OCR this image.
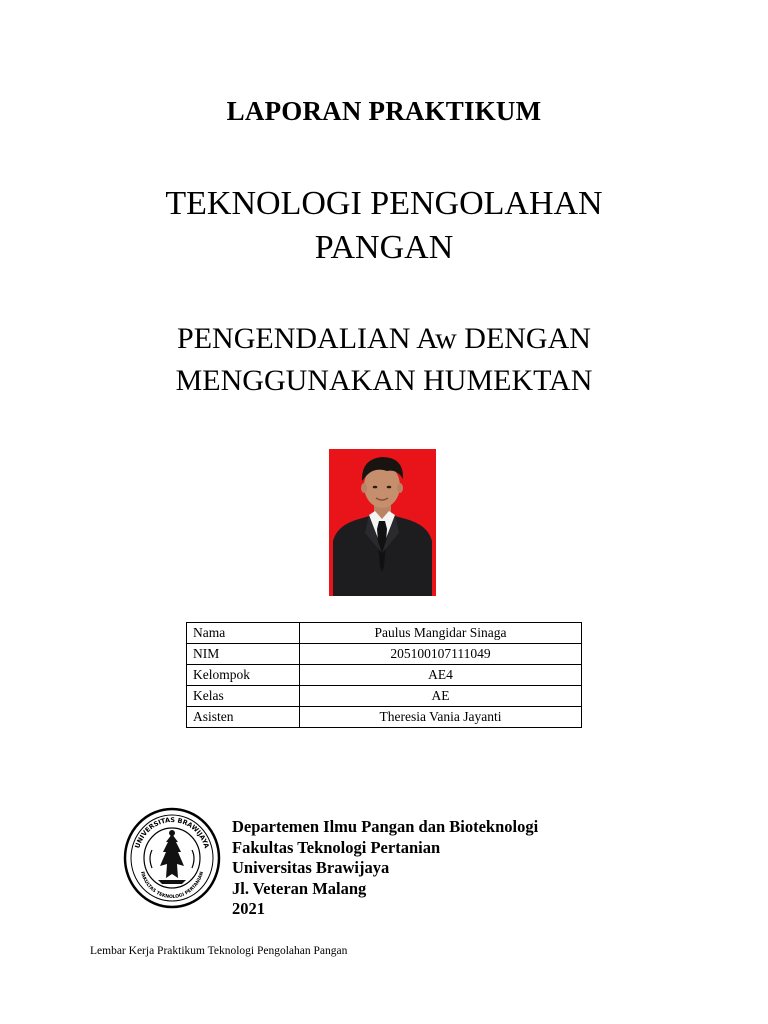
LAPORAN PRAKTIKUM
TEKNOLOGI PENGOLAHAN
PANGAN
PENGENDALIAN Aw DENGAN
MENGGUNAKAN HUMEKTAN
Nama	Paulus Mangidar Sinaga
NIM	205100107111049
Kelompok	AE4
Kelas	AE
Asisten	Theresia Vania Jayanti
UNIVERSITAS BRAWIJAYA
FAKULTAS TEKNOLOGI PERTANIAN
Departemen Ilmu Pangan dan Bioteknologi
Fakultas Teknologi Pertanian
Universitas Brawijaya
Jl. Veteran Malang
2021
Lembar Kerja Praktikum Teknologi Pengolahan Pangan
